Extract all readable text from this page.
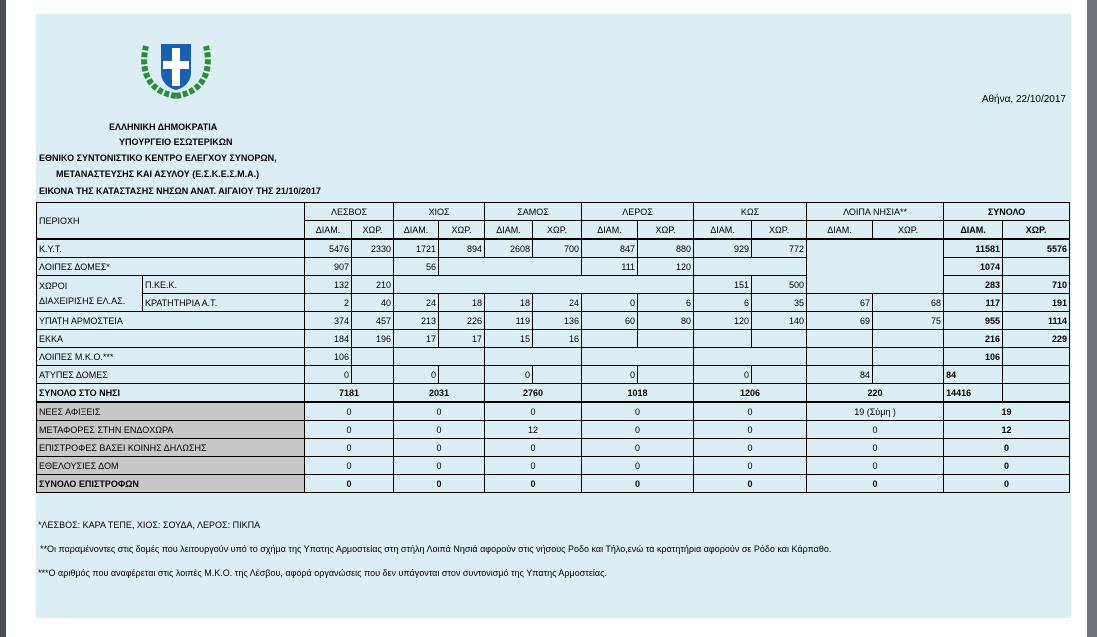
Αθήνα, 22/10/2017
ΕΛΛΗΝΙΚΗ ΔΗΜΟΚΡΑΤΙΑ
ΥΠΟΥΡΓΕΙΟ ΕΣΩΤΕΡΙΚΩΝ
ΕΘΝΙΚΟ ΣΥΝΤΟΝΙΣΤΙΚΟ ΚΕΝΤΡΟ ΕΛΕΓΧΟΥ ΣΥΝΟΡΩΝ,
ΜΕΤΑΝΑΣΤΕΥΣΗΣ ΚΑΙ ΑΣΥΛΟΥ (Ε.Σ.Κ.Ε.Σ.Μ.Α.)
ΕΙΚΟΝΑ ΤΗΣ ΚΑΤΑΣΤΑΣΗΣ ΝΗΣΩΝ ΑΝΑΤ. ΑΙΓΑΙΟΥ ΤΗΣ 21/10/2017
ΠΕΡΙΟΧΗ		ΛΕΣΒΟΣ		ΧΙΟΣ		ΣΑΜΟΣ		ΛΕΡΟΣ		ΚΩΣ		ΛΟΙΠΑ ΝΗΣΙΑ**		ΣΥΝΟΛΟ	
		ΔΙΑΜ.	ΧΩΡ.	ΔΙΑΜ.	ΧΩΡ.	ΔΙΑΜ.	ΧΩΡ.	ΔΙΑΜ.	ΧΩΡ.	ΔΙΑΜ.	ΧΩΡ.	ΔΙΑΜ.	ΧΩΡ.	ΔΙΑΜ.	ΧΩΡ.
Κ.Υ.Τ.		5476	2330	1721	894	2608	700	847	880	929	772			11581	5576
ΛΟΙΠΕΣ ΔΟΜΕΣ*		907		56				111	120					1074	
ΧΩΡΟΙ
ΔΙΑΧΕΙΡΙΣΗΣ ΕΛ.ΑΣ.	Π.ΚΕ.Κ.	132	210							151	500			283	710
	ΚΡΑΤΗΤΗΡΙΑ Α.Τ.	2	40	24	18	18	24	0	6	6	35	67	68	117	191
ΥΠΑΤΗ ΑΡΜΟΣΤΕΙΑ		374	457	213	226	119	136	60	80	120	140	69	75	955	1114
ΕΚΚΑ		184	196	17	17	15	16							216	229
ΛΟΙΠΕΣ Μ.Κ.Ο.***		106												106	
ΑΤΥΠΕΣ ΔΟΜΕΣ		0		0		0		0		0		84		84	
ΣΥΝΟΛΟ ΣΤΟ ΝΗΣΙ		7181		2031		2760		1018		1206		220		14416	
ΝΕΕΣ ΑΦΙΞΕΙΣ		0		0		0		0		0		19 (Σύμη )		19	
ΜΕΤΑΦΟΡΕΣ ΣΤΗΝ ΕΝΔΟΧΩΡΑ		0		0		12		0		0		0		12	
ΕΠΙΣΤΡΟΦΕΣ ΒΑΣΕΙ ΚΟΙΝΗΣ ΔΗΛΩΣΗΣ		0		0		0		0		0		0		0	
ΕΘΕΛΟΥΣΙΕΣ ΔΟΜ		0		0		0		0		0		0		0	
ΣΥΝΟΛΟ ΕΠΙΣΤΡΟΦΩΝ		0		0		0		0		0		0		0	
*ΛΕΣΒΟΣ: ΚΑΡΑ ΤΕΠΕ, ΧΙΟΣ: ΣΟΥΔΑ, ΛΕΡΟΣ: ΠΙΚΠΑ
**Οι παραμένοντες στις δομές που λειτουργούν υπό το σχήμα της Υπατης Αρμοστείας στη στήλη Λοιπά Νησιά αφορούν στις νήσους Ροδο και Τήλο,ενώ τα κρατητήρια αφορούν σε Ρόδο και Κάρπαθο.
***Ο αριθμός που αναφέρεται στις λοιπές Μ.Κ.Ο. της Λέσβου, αφορά οργανώσεις που δεν υπάγονται στον συντονισμό της Υπατης Αρμοστείας.
